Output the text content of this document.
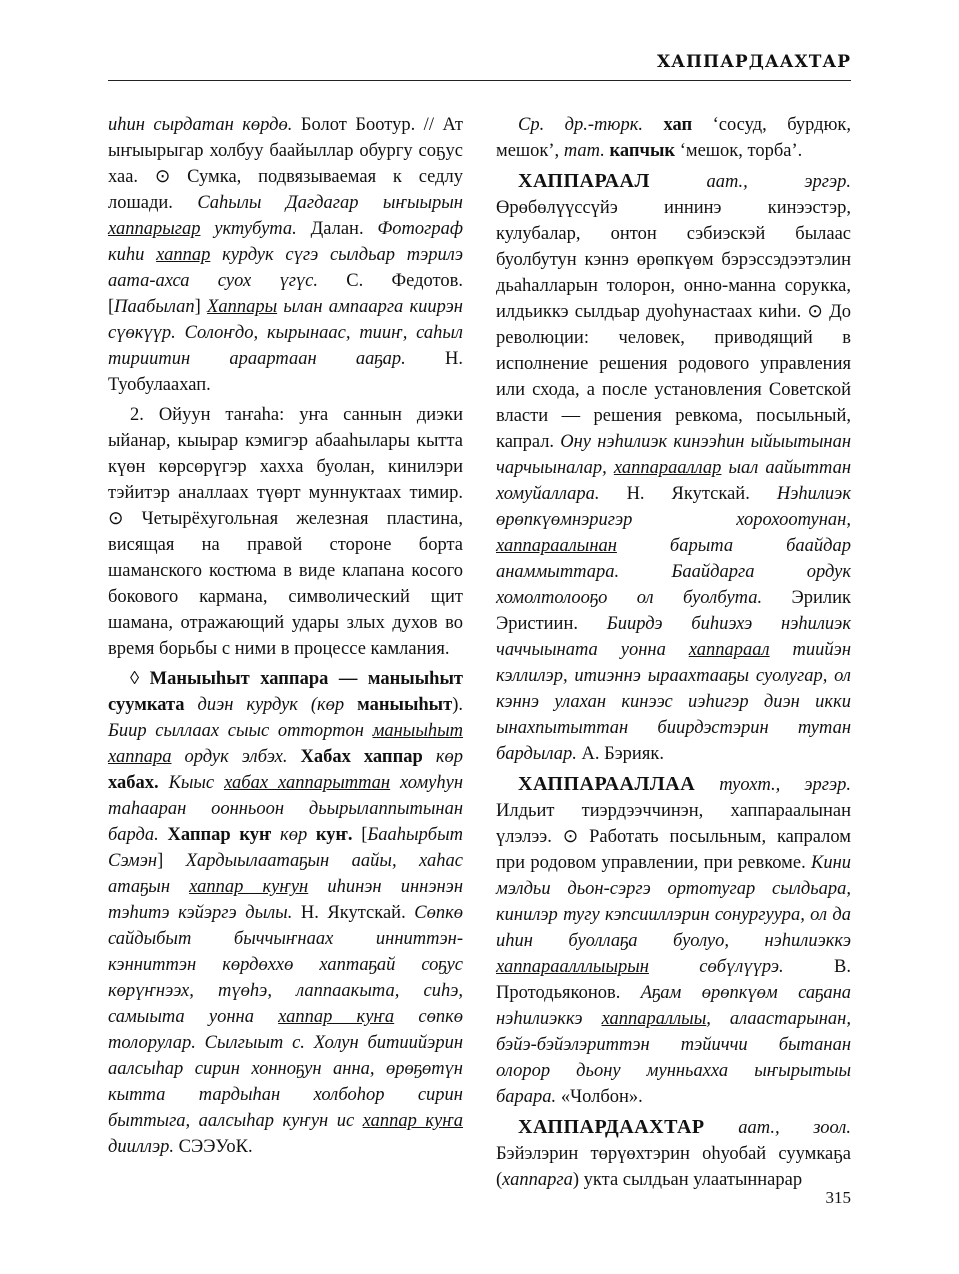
ХАППАРДААХТАР

иһин сырдатан көрдө. Болот Боотур. // Ат ыҥыырыгар холбуу баайыллар обургу соҕус хаа. ⊙ Сумка, подвязываемая к седлу лошади. Саһылы Дагдагар ыҥыырын хаппарыгар уктубута. Далан. Фотограф киһи хаппар курдук сүгэ сылдьар тэрилэ аата-ахса суох үгүс. С. Федотов. [Паабылап] Хаппары ылан ампаарга киирэн сүөкүүр. Солоҥдо, кырынаас, тииҥ, саһыл тириитин араартаан ааҕар. Н. Туобулаахап.

2. Ойуун таҥаһа: уҥа саннын диэки ыйанар, кыырар кэмигэр абааһылары кытта күөн көрсөрүгэр хахха буолан, кинилэри тэйитэр аналлаах түөрт муннуктаах тимир. ⊙ Четырёхугольная железная пластина, висящая на правой стороне борта шаманского костюма в виде клапана косого бокового кармана, символический щит шамана, отражающий удары злых духов во время борьбы с ними в процессе камлания.

◊ Маныыһыт хаппара — маныыһыт суумката диэн курдук (көр маныыһыт). Биир сыллаах сыыс оттортон маныыһыт хаппара ордук элбэх. Хабах хаппар көр хабах. Кыыс хабах хаппарыттан хомуһун таһааран оонньоон дьырылаппытынан барда. Хаппар куҥ көр куҥ. [Бааһырбыт Сэмэн] Хардыылаатаҕын аайы, хаһас атаҕын хаппар куҥун иһинэн иннэнэн тэһитэ кэйэргэ дылы. Н. Якутскай. Сөпкө сайдыбыт быччыҥнаах инниттэн-кэнниттэн көрдөххө хаптаҕай соҕус көрүҥнээх, түөһэ, лаппаакыта, сиһэ, самыыта уонна хаппар куҥа сөпкө толорулар. Сылгыыт с. Холун битиийэрин аалсыһар сирин хонноҕун анна, өрөҕөтүн кытта тардыһан холбоһор сирин быттыга, аалсыһар куҥун ис хаппар куҥа дииллэр. СЭЭУоК.

Ср. др.-тюрк. хап ‘сосуд, бурдюк, мешок’, тат. капчык ‘мешок, торба’.

ХАППАРААЛ аат., эргэр. Өрөбөлүүссүйэ иннинэ кинээстэр, кулубалар, онтон сэбиэскэй былаас буолбутун кэннэ өрөпкүөм бэрэссэдээтэлин дьаһалларын толорон, онно-манна сорукка, илдьиккэ сылдьар дуоһунастаах киһи. ⊙ До революции: человек, приводящий в исполнение решения родового управления или схода, а после установления Советской власти — решения ревкома, посыльный, капрал. Ону нэһилиэк кинээһин ыйыытынан чарчыыналар, хаппарааллар ыал аайыттан хомуйаллара. Н. Якутскай. Нэһилиэк өрөпкүөмнэригэр хорохоотунан, хаппараалынан барыта баайдар анаммыттара. Баайдарга ордук хомолтолооҕо ол буолбута. Эрилик Эристиин. Биирдэ биһиэхэ нэһилиэк чаччыыната уонна хаппараал тиийэн кэллилэр, итиэннэ ыраахтааҕы суолугар, ол кэннэ улахан кинээс иэһигэр диэн икки ынахпытыттан биирдэстэрин тутан бардылар. А. Бэрияк.

ХАППАРААЛЛАА туохт., эргэр. Илдьит тиэрдээччинэн, хаппараалынан үлэлээ. ⊙ Работать посыльным, капралом при родовом управлении, при ревкоме. Кини мэлдьи дьон-сэргэ ортотугар сылдьара, кинилэр тугу кэпсииллэрин сонургуура, ол да иһин буоллаҕа буолуо, нэһилиэккэ хаппараалллыырын сөбүлүүрэ. В. Протодьяконов. Аҕам өрөпкүөм саҕана нэһилиэккэ хаппараллыы, алаастарынан, бэйэ-бэйэлэриттэн тэйиччи бытанан олорор дьону мунньахха ыҥырытыы барара. «Чолбон».

ХАППАРДААХТАР аат., зоол. Бэйэлэрин төрүөхтэрин оһуобай суумкаҕа (хаппарга) укта сылдьан улаатыннарар

315
